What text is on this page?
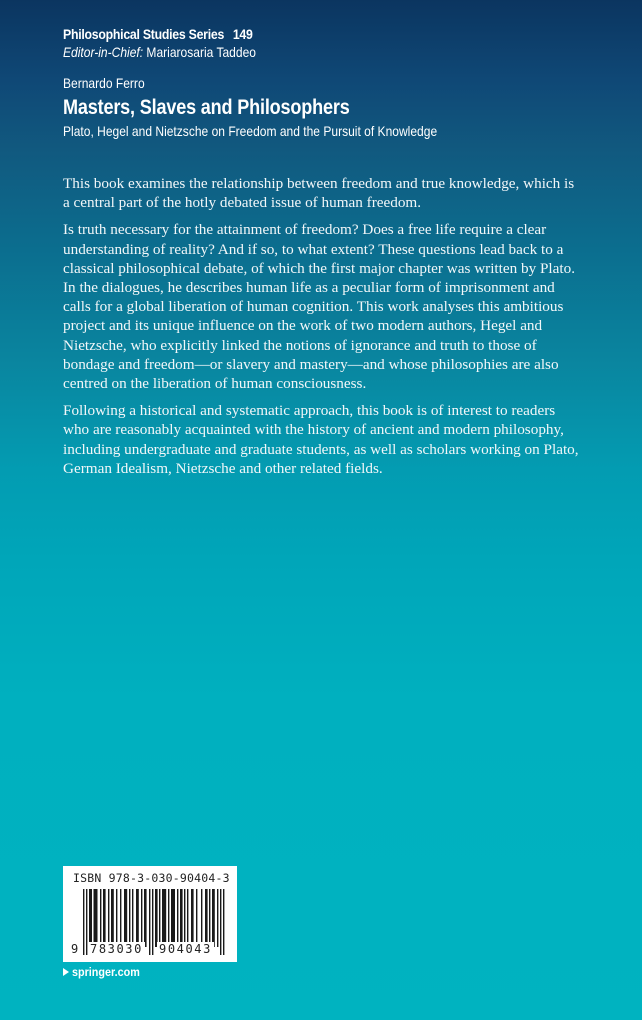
Philosophical Studies Series 149
Editor-in-Chief: Mariarosaria Taddeo
Bernardo Ferro
Masters, Slaves and Philosophers
Plato, Hegel and Nietzsche on Freedom and the Pursuit of Knowledge

This book examines the relationship between freedom and true knowledge, which is a central part of the hotly debated issue of human freedom.

Is truth necessary for the attainment of freedom? Does a free life require a clear understanding of reality? And if so, to what extent? These questions lead back to a classical philosophical debate, of which the first major chapter was written by Plato. In the dialogues, he describes human life as a peculiar form of imprisonment and calls for a global liberation of human cognition. This work analyses this ambitious project and its unique influence on the work of two modern authors, Hegel and Nietzsche, who explicitly linked the notions of ignorance and truth to those of bondage and freedom—or slavery and mastery—and whose philosophies are also centred on the liberation of human consciousness.

Following a historical and systematic approach, this book is of interest to readers who are reasonably acquainted with the history of ancient and modern philosophy, including undergraduate and graduate students, as well as scholars working on Plato, German Idealism, Nietzsche and other related fields.

ISBN 978-3-030-90404-3
9 783030 904043
springer.com
